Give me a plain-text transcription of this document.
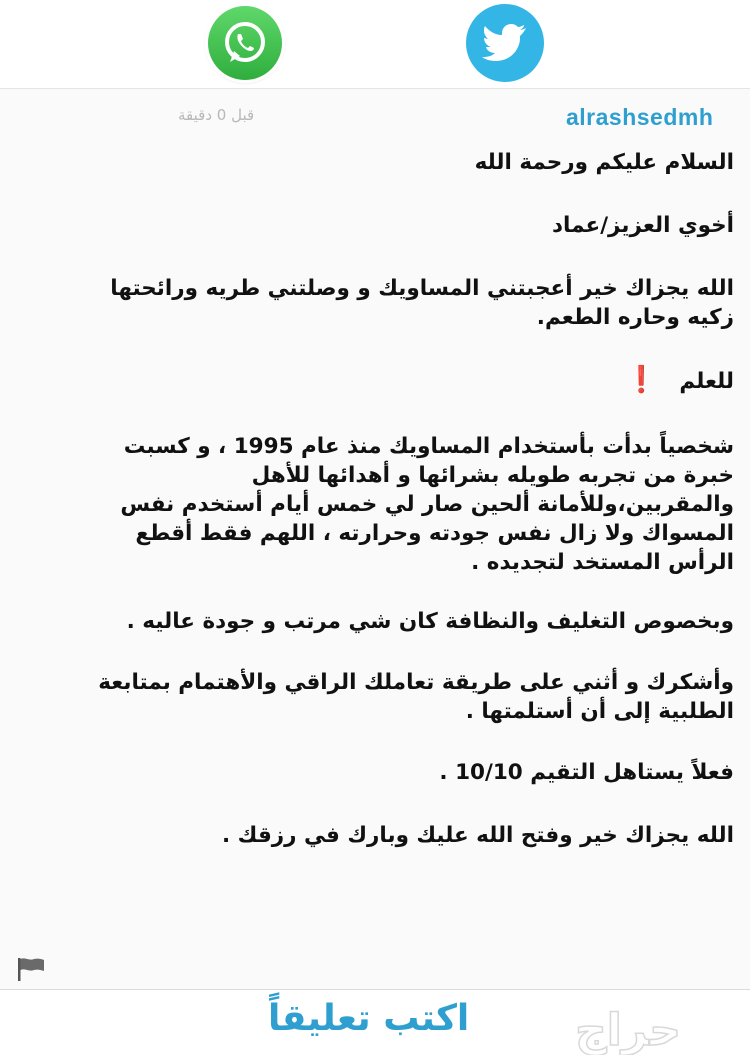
alrashsedmh
قبل 0 دقيقة

السلام عليكم ورحمة الله

أخوي العزيز/عماد

الله يجزاك خير أعجبتني المساويك و وصلتني طريه ورائحتها زكيه وحاره الطعم.

للعلم❗

شخصياً بدأت بأستخدام المساويك منذ عام 1995 ، و كسبت خبرة من تجربه طويله بشرائها و أهدائها للأهل والمقربين،وللأمانة ألحين صار لي خمس أيام أستخدم نفس المسواك ولا زال نفس جودته وحرارته ، اللهم فقط أقطع الرأس المستخد لتجديده .

وبخصوص التغليف والنظافة كان شي مرتب و جودة عاليه .

وأشكرك و أثني على طريقة تعاملك الراقي والأهتمام بمتابعة الطلبية إلى أن أستلمتها .

فعلاً يستاهل التقيم 10/10 .

الله يجزاك خير وفتح الله عليك وبارك في رزقك .

اكتب تعليقاً حراج
